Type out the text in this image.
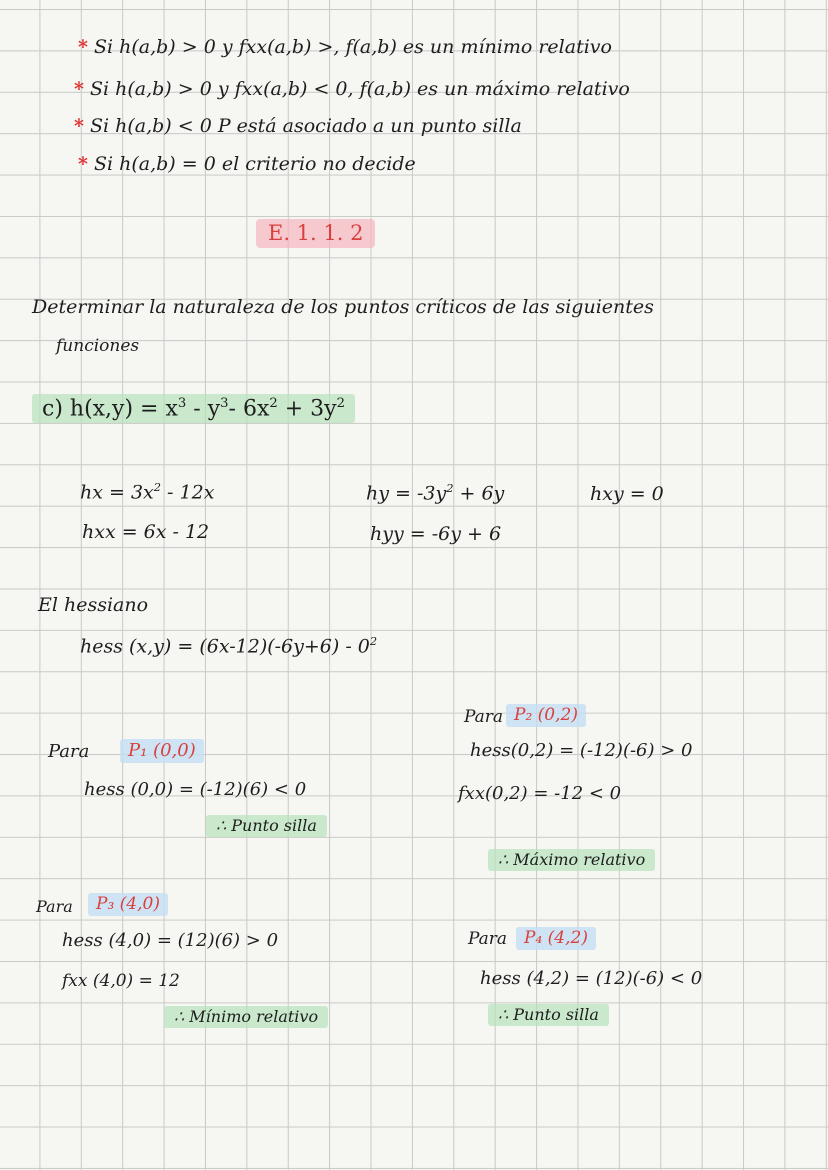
* Si h(a,b) > 0 y fxx(a,b) >, f(a,b) es un mínimo relativo
* Si h(a,b) > 0 y fxx(a,b) < 0, f(a,b) es un máximo relativo
* Si h(a,b) < 0 P está asociado a un punto silla
* Si h(a,b) = 0 el criterio no decide
E. 1. 1. 2
Determinar la naturaleza de los puntos críticos de las siguientes
funciones
c) $h(x,y) = x^3 - y^3-$ $6x^2 + 3y^2$
hx = $3x^2 - 12x$
hxx = 6x - 12
hy = $-3y^2 + 6y$
hyy = -6y + 6
hxy = 0
El hessiano
hess $(x,y) = (6x-12)(-6y+6) - 0^2$
Para	P₁ (0,0)
hess (0,0) = (-12)(6) < 0
∴ Punto silla
Para P₂ (0,2)
hess(0,2) = (-12)(-6) > 0
fxx(0,2) = -12 < 0
∴ Máximo relativo
Para	P₃ (4,0)
hess (4,0) = (12)(6) > 0
fxx (4,0) = 12
∴ Mínimo relativo
Para P₄ (4,2)
hess (4,2) = (12)(-6) < 0
∴ Punto silla
